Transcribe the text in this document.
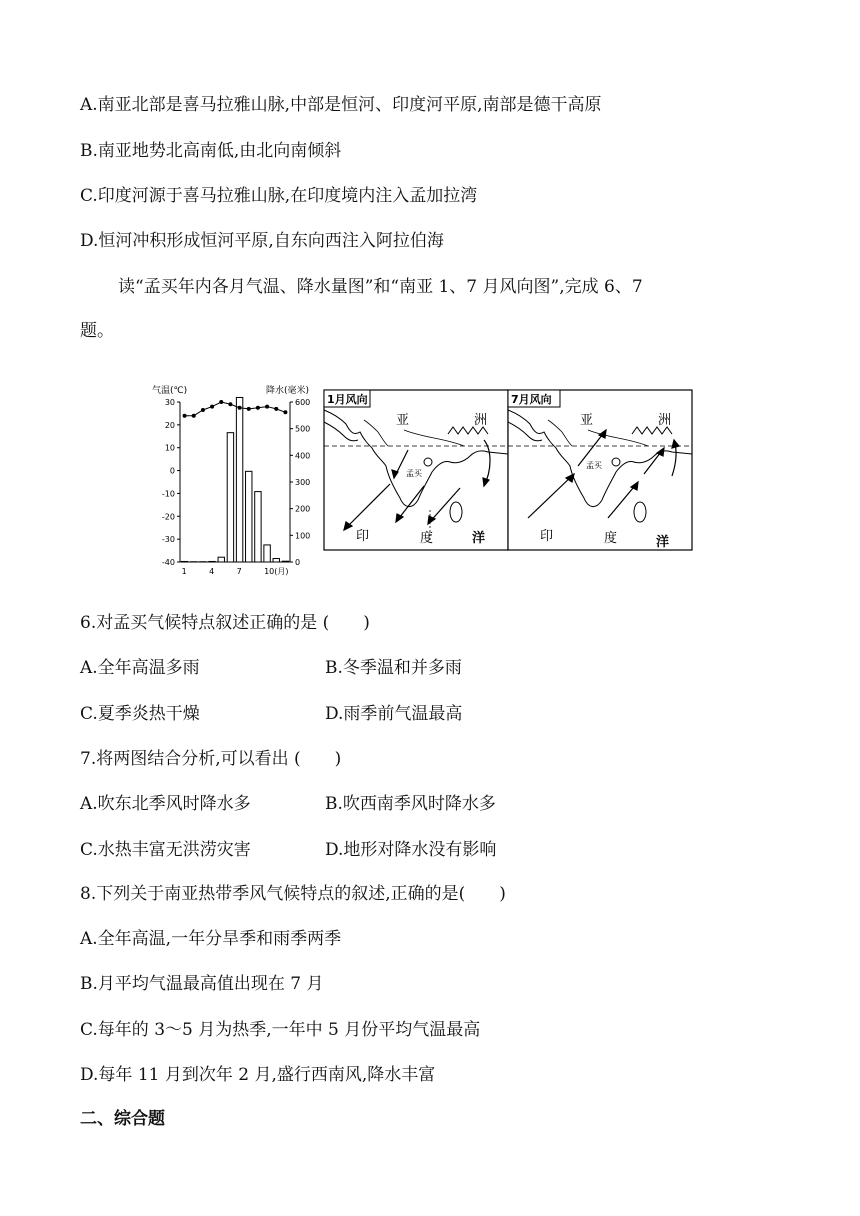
A.南亚北部是喜马拉雅山脉,中部是恒河、印度河平原,南部是德干高原
B.南亚地势北高南低,由北向南倾斜
C.印度河源于喜马拉雅山脉,在印度境内注入孟加拉湾
D.恒河冲积形成恒河平原,自东向西注入阿拉伯海
读“孟买年内各月气温、降水量图”和“南亚 1、7 月风向图”,完成 6、7
题。
气温(℃)	降水(毫米)
30
20
10
0
-10
-20
-30
-40
600
500
400
300
200
100
0
1	4	7	10(月)
1月风向
孟买
亚	洲
印	度	洋
7月风向
孟买
亚	洲
印	度	洋
6.对孟买气候特点叙述正确的是 (　　)
A.全年高温多雨	B.冬季温和并多雨
C.夏季炎热干燥	D.雨季前气温最高
7.将两图结合分析,可以看出 (　　)
A.吹东北季风时降水多	B.吹西南季风时降水多
C.水热丰富无洪涝灾害	D.地形对降水没有影响
8.下列关于南亚热带季风气候特点的叙述,正确的是(　　)
A.全年高温,一年分旱季和雨季两季
B.月平均气温最高值出现在 7 月
C.每年的 3～5 月为热季,一年中 5 月份平均气温最高
D.每年 11 月到次年 2 月,盛行西南风,降水丰富
二、综合题
